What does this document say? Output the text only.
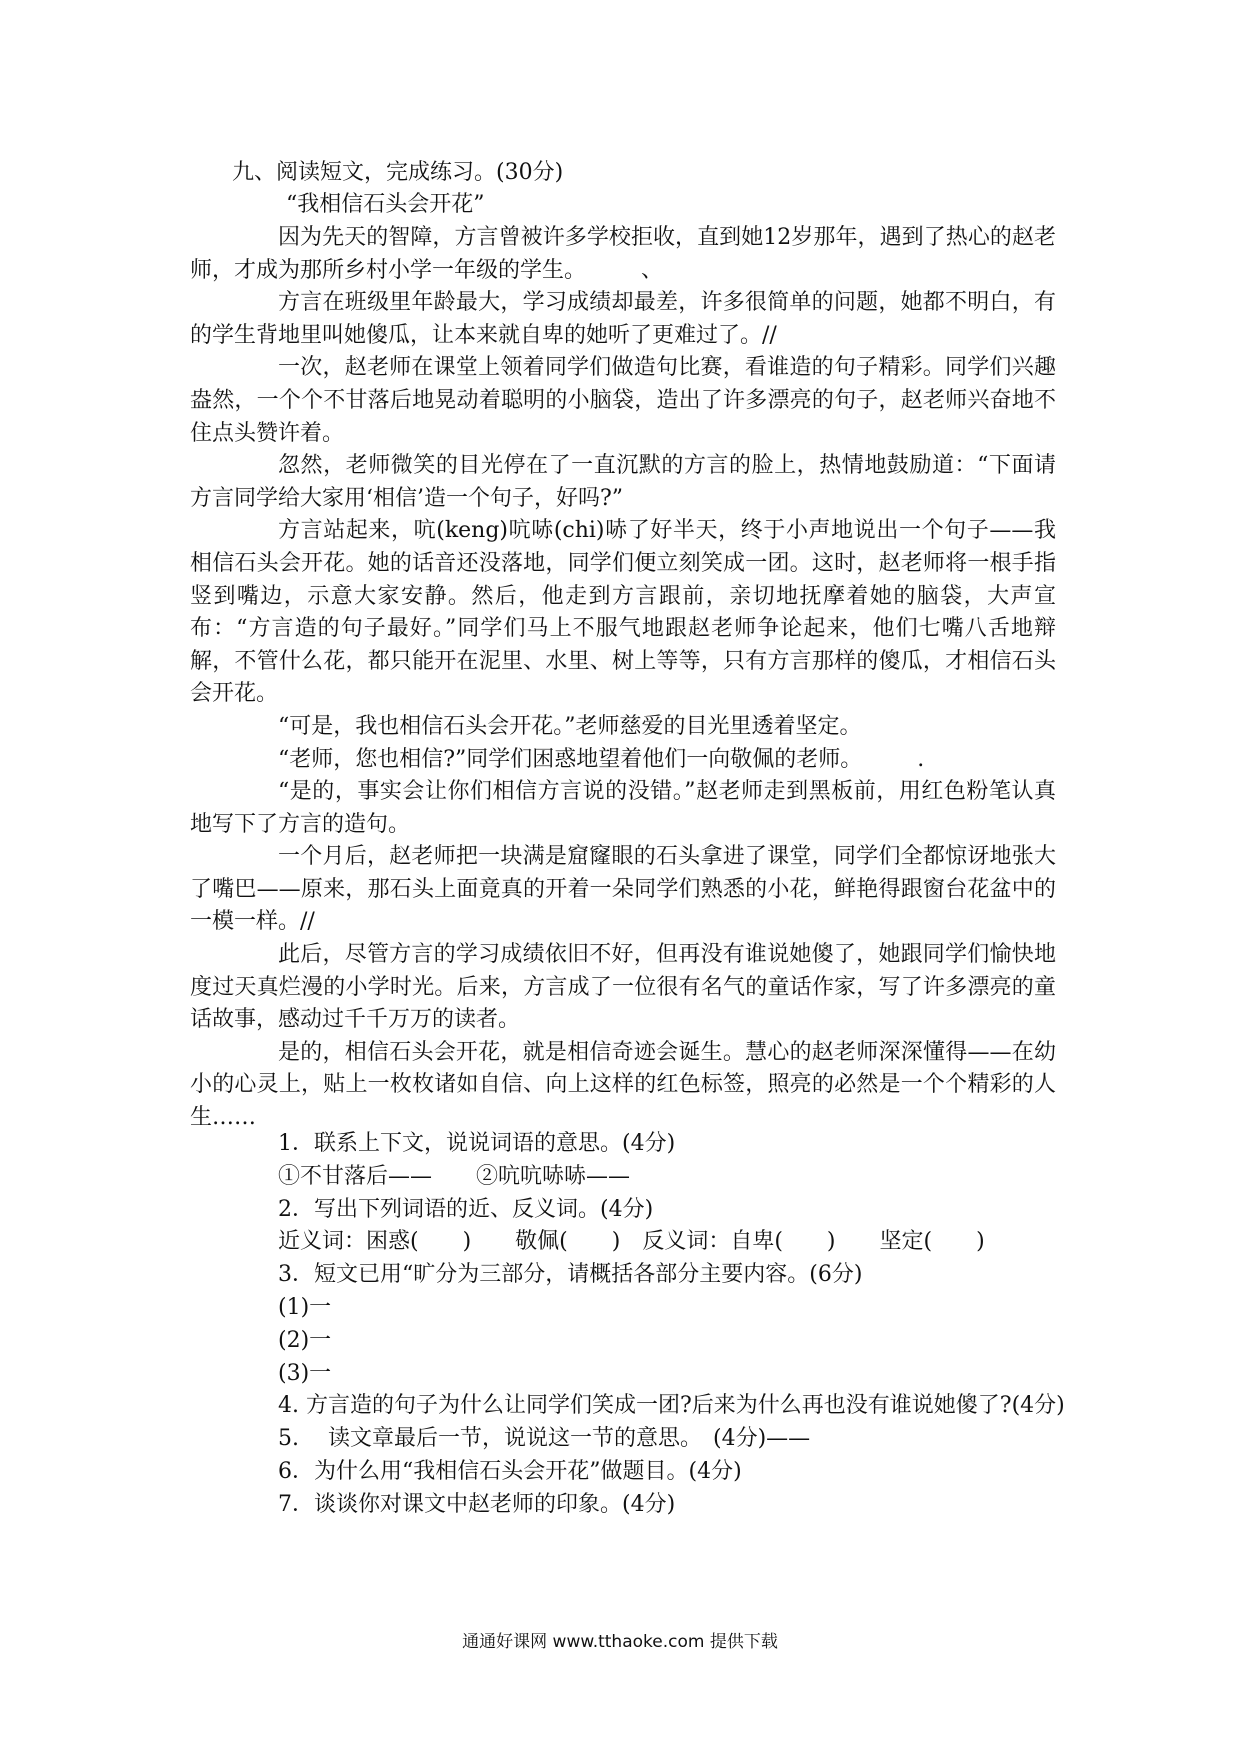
九、阅读短文，完成练习。(30分)
“我相信石头会开花”

因为先天的智障，方言曾被许多学校拒收，直到她12岁那年，遇到了热心的赵老师，才成为那所乡村小学一年级的学生。　　　、

方言在班级里年龄最大，学习成绩却最差，许多很简单的问题，她都不明白，有的学生背地里叫她傻瓜，让本来就自卑的她听了更难过了。//

一次，赵老师在课堂上领着同学们做造句比赛，看谁造的句子精彩。同学们兴趣盎然，一个个不甘落后地晃动着聪明的小脑袋，造出了许多漂亮的句子，赵老师兴奋地不住点头赞许着。

忽然，老师微笑的目光停在了一直沉默的方言的脸上，热情地鼓励道：“下面请方言同学给大家用‘相信’造一个句子，好吗?”

方言站起来，吭(keng)吭哧(chi)哧了好半天，终于小声地说出一个句子——我相信石头会开花。她的话音还没落地，同学们便立刻笑成一团。这时，赵老师将一根手指竖到嘴边，示意大家安静。然后，他走到方言跟前，亲切地抚摩着她的脑袋，大声宣布：“方言造的句子最好。”同学们马上不服气地跟赵老师争论起来，他们七嘴八舌地辩解，不管什么花，都只能开在泥里、水里、树上等等，只有方言那样的傻瓜，才相信石头会开花。

“可是，我也相信石头会开花。”老师慈爱的目光里透着坚定。

“老师，您也相信?”同学们困惑地望着他们一向敬佩的老师。　　　.

“是的，事实会让你们相信方言说的没错。”赵老师走到黑板前，用红色粉笔认真地写下了方言的造句。

一个月后，赵老师把一块满是窟窿眼的石头拿进了课堂，同学们全都惊讶地张大了嘴巴——原来，那石头上面竟真的开着一朵同学们熟悉的小花，鲜艳得跟窗台花盆中的一模一样。//

此后，尽管方言的学习成绩依旧不好，但再没有谁说她傻了，她跟同学们愉快地度过天真烂漫的小学时光。后来，方言成了一位很有名气的童话作家，写了许多漂亮的童话故事，感动过千千万万的读者。

是的，相信石头会开花，就是相信奇迹会诞生。慧心的赵老师深深懂得——在幼小的心灵上，贴上一枚枚诸如自信、向上这样的红色标签，照亮的必然是一个个精彩的人生……

1．联系上下文，说说词语的意思。(4分)
①不甘落后——　　②吭吭哧哧——
2．写出下列词语的近、反义词。(4分)
近义词：困惑(　　)　　敬佩(　　)　反义词：自卑(　　)　　坚定(　　)
3．短文已用“旷分为三部分，请概括各部分主要内容。(6分)
(1)一
(2)一
(3)一
4. 方言造的句子为什么让同学们笑成一团?后来为什么再也没有谁说她傻了?(4分)
5.　 读文章最后一节，说说这一节的意思。　(4分)——
6．为什么用“我相信石头会开花”做题目。(4分)
7．谈谈你对课文中赵老师的印象。(4分)
通通好课网 www.tthaoke.com 提供下载
